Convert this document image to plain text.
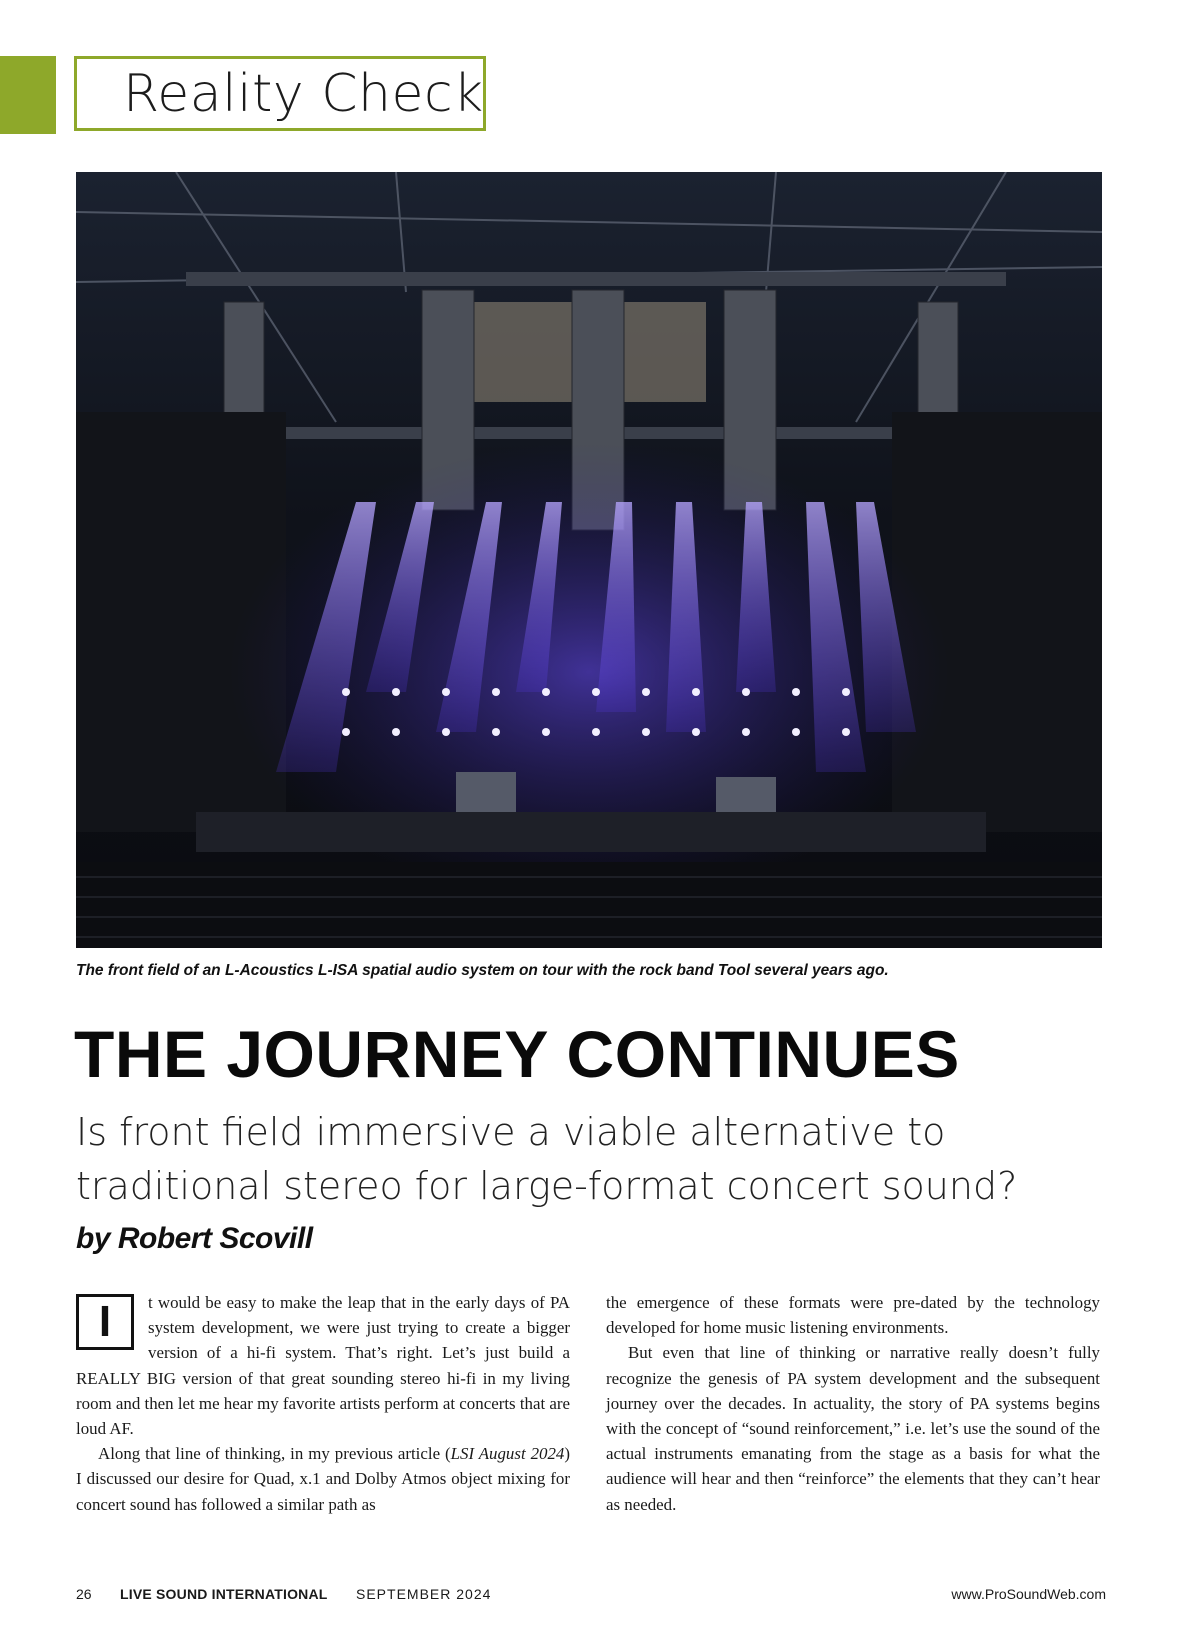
Reality Check
The front field of an L-Acoustics L-ISA spatial audio system on tour with the rock band Tool several years ago.
THE JOURNEY CONTINUES
Is front field immersive a viable alternative to traditional stereo for large-format concert sound?
by Robert Scovill

I t would be easy to make the leap that in the early days of PA system development, we were just trying to create a bigger version of a hi-fi system. That’s right. Let’s just build a REALLY BIG version of that great sounding stereo hi-fi in my living room and then let me hear my favorite artists perform at concerts that are loud AF.

Along that line of thinking, in my previous article (LSI August 2024) I discussed our desire for Quad, x.1 and Dolby Atmos object mixing for concert sound has followed a similar path as

the emergence of these formats were pre-dated by the technology developed for home music listening environments.

But even that line of thinking or narrative really doesn’t fully recognize the genesis of PA system development and the subsequent journey over the decades. In actuality, the story of PA systems begins with the concept of “sound reinforcement,” i.e. let’s use the sound of the actual instruments emanating from the stage as a basis for what the audience will hear and then “reinforce” the elements that they can’t hear as needed.

26 LIVE SOUND INTERNATIONAL SEPTEMBER 2024	www.ProSoundWeb.com
